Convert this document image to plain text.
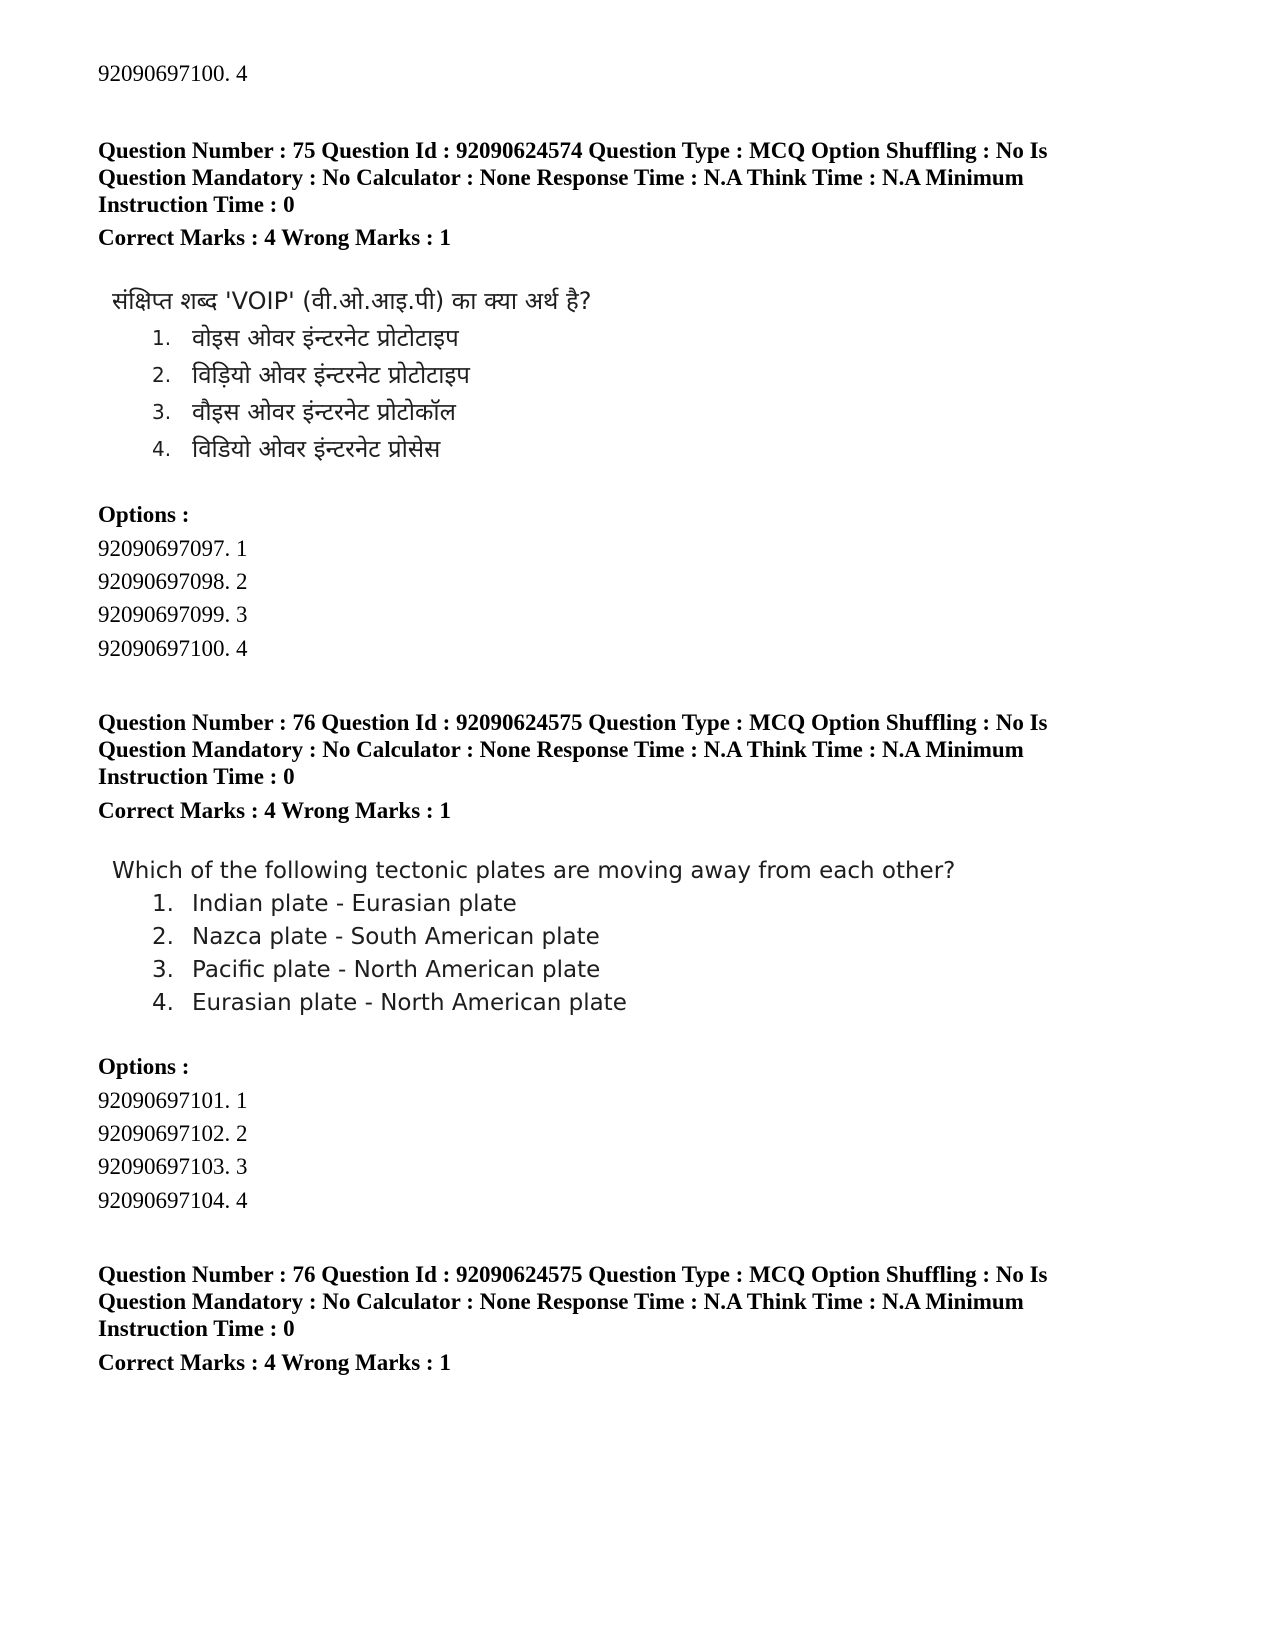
92090697100. 4
Question Number : 75 Question Id : 92090624574 Question Type : MCQ Option Shuffling : No Is
Question Mandatory : No Calculator : None Response Time : N.A Think Time : N.A Minimum
Instruction Time : 0
Correct Marks : 4 Wrong Marks : 1
संक्षिप्त शब्द 'VOIP' (वी.ओ.आइ.पी) का क्या अर्थ है?
1. वोइस ओवर इंन्टरनेट प्रोटोटाइप
2. विड़ियो ओवर इंन्टरनेट प्रोटोटाइप
3. वौइस ओवर इंन्टरनेट प्रोटोकॉल
4. विडियो ओवर इंन्टरनेट प्रोसेस
Options :
92090697097. 1
92090697098. 2
92090697099. 3
92090697100. 4
Question Number : 76 Question Id : 92090624575 Question Type : MCQ Option Shuffling : No Is
Question Mandatory : No Calculator : None Response Time : N.A Think Time : N.A Minimum
Instruction Time : 0
Correct Marks : 4 Wrong Marks : 1
Which of the following tectonic plates are moving away from each other?
1. Indian plate - Eurasian plate
2. Nazca plate - South American plate
3. Pacific plate - North American plate
4. Eurasian plate - North American plate
Options :
92090697101. 1
92090697102. 2
92090697103. 3
92090697104. 4
Question Number : 76 Question Id : 92090624575 Question Type : MCQ Option Shuffling : No Is
Question Mandatory : No Calculator : None Response Time : N.A Think Time : N.A Minimum
Instruction Time : 0
Correct Marks : 4 Wrong Marks : 1
